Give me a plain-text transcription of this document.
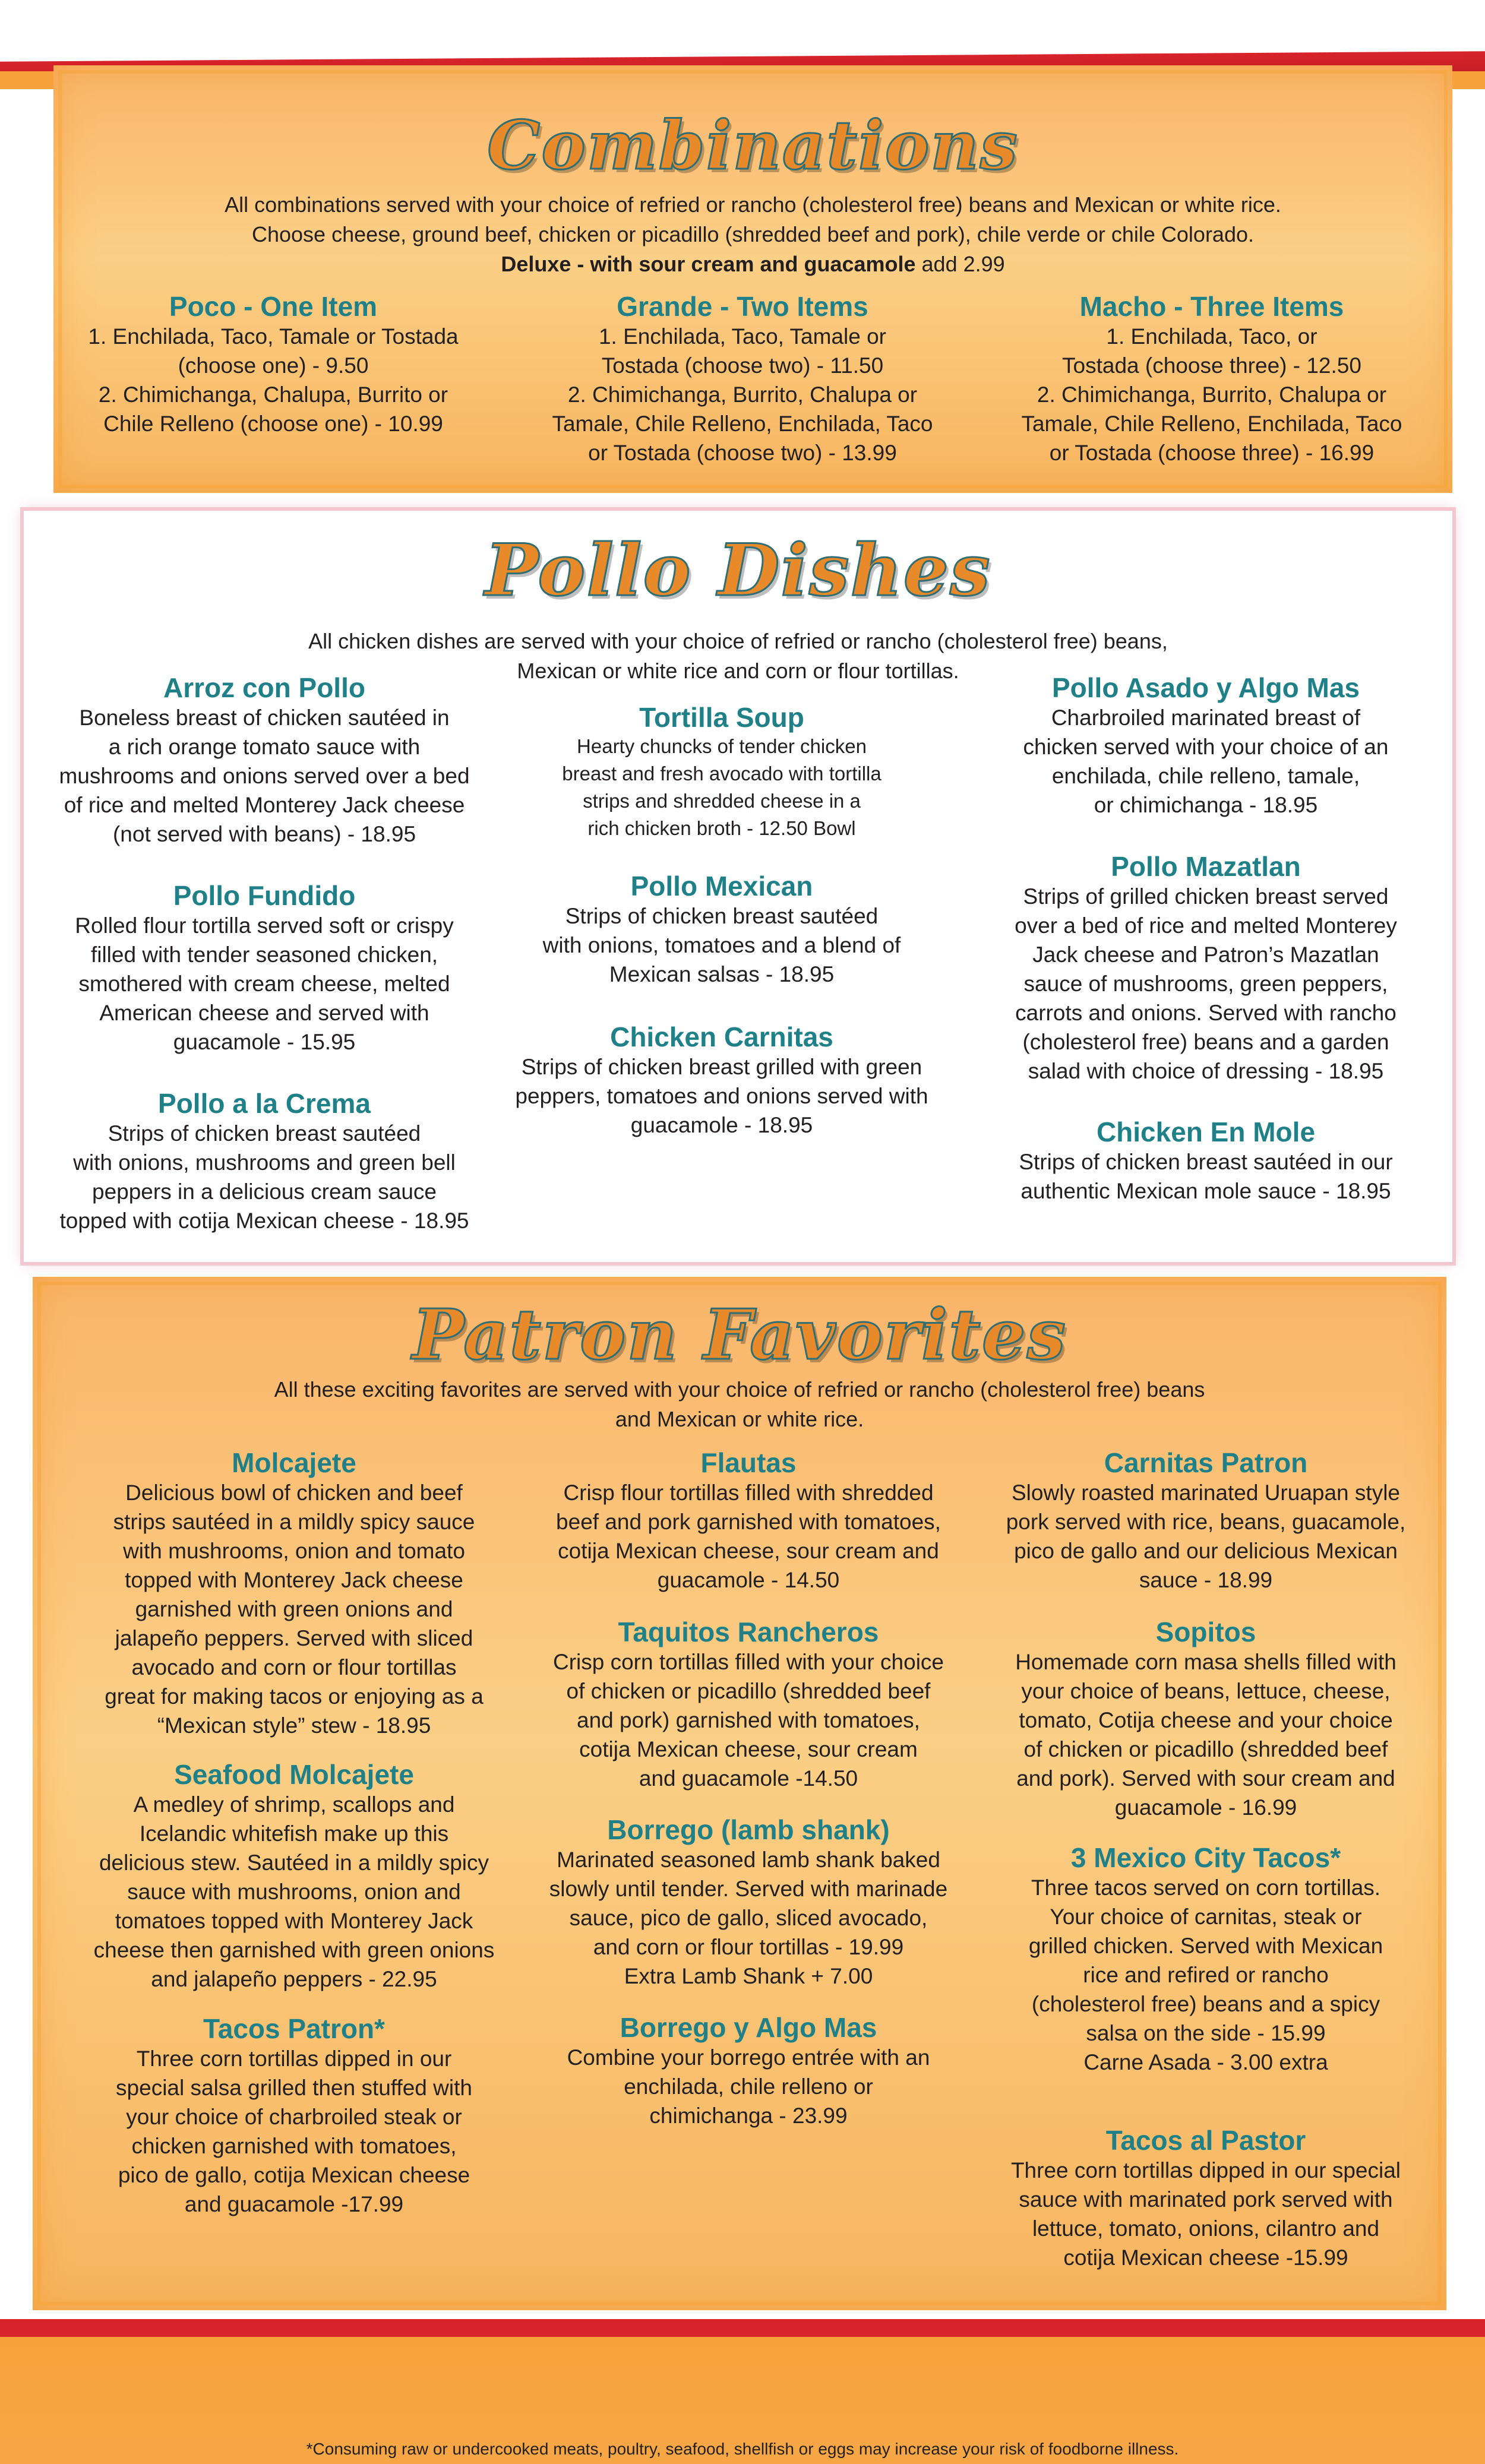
Combinations
All combinations served with your choice of refried or rancho (cholesterol free) beans and Mexican or white rice.
Choose cheese, ground beef, chicken or picadillo (shredded beef and pork), chile verde or chile Colorado.
Deluxe - with sour cream and guacamole add 2.99
Poco - One Item

1. Enchilada, Taco, Tamale or Tostada

(choose one) - 9.50

2. Chimichanga, Chalupa, Burrito or

Chile Relleno (choose one) - 10.99

Grande - Two Items

1. Enchilada, Taco, Tamale or

Tostada (choose two) - 11.50

2. Chimichanga, Burrito, Chalupa or

Tamale, Chile Relleno, Enchilada, Taco

or Tostada (choose two) - 13.99

Macho - Three Items

1. Enchilada, Taco, or

Tostada (choose three) - 12.50

2. Chimichanga, Burrito, Chalupa or

Tamale, Chile Relleno, Enchilada, Taco

or Tostada (choose three) - 16.99

Pollo Dishes
All chicken dishes are served with your choice of refried or rancho (cholesterol free) beans,
Mexican or white rice and corn or flour tortillas.
Arroz con Pollo

Boneless breast of chicken sautéed in

a rich orange tomato sauce with

mushrooms and onions served over a bed

of rice and melted Monterey Jack cheese

(not served with beans) - 18.95

Pollo Fundido

Rolled flour tortilla served soft or crispy

filled with tender seasoned chicken,

smothered with cream cheese, melted

American cheese and served with

guacamole - 15.95

Pollo a la Crema

Strips of chicken breast sautéed

with onions, mushrooms and green bell

peppers in a delicious cream sauce

topped with cotija Mexican cheese - 18.95

Tortilla Soup

Hearty chuncks of tender chicken

breast and fresh avocado with tortilla

strips and shredded cheese in a

rich chicken broth - 12.50 Bowl

Pollo Mexican

Strips of chicken breast sautéed

with onions, tomatoes and a blend of

Mexican salsas - 18.95

Chicken Carnitas

Strips of chicken breast grilled with green

peppers, tomatoes and onions served with

guacamole - 18.95

Pollo Asado y Algo Mas

Charbroiled marinated breast of

chicken served with your choice of an

enchilada, chile relleno, tamale,

or chimichanga - 18.95

Pollo Mazatlan

Strips of grilled chicken breast served

over a bed of rice and melted Monterey

Jack cheese and Patron’s Mazatlan

sauce of mushrooms, green peppers,

carrots and onions. Served with rancho

(cholesterol free) beans and a garden

salad with choice of dressing - 18.95

Chicken En Mole

Strips of chicken breast sautéed in our

authentic Mexican mole sauce - 18.95

Patron Favorites
All these exciting favorites are served with your choice of refried or rancho (cholesterol free) beans
and Mexican or white rice.
Molcajete

Delicious bowl of chicken and beef

strips sautéed in a mildly spicy sauce

with mushrooms, onion and tomato

topped with Monterey Jack cheese

garnished with green onions and

jalapeño peppers. Served with sliced

avocado and corn or flour tortillas

great for making tacos or enjoying as a

“Mexican style” stew - 18.95

Seafood Molcajete

A medley of shrimp, scallops and

Icelandic whitefish make up this

delicious stew. Sautéed in a mildly spicy

sauce with mushrooms, onion and

tomatoes topped with Monterey Jack

cheese then garnished with green onions

and jalapeño peppers - 22.95

Tacos Patron*

Three corn tortillas dipped in our

special salsa grilled then stuffed with

your choice of charbroiled steak or

chicken garnished with tomatoes,

pico de gallo, cotija Mexican cheese

and guacamole -17.99

Flautas

Crisp flour tortillas filled with shredded

beef and pork garnished with tomatoes,

cotija Mexican cheese, sour cream and

guacamole - 14.50

Taquitos Rancheros

Crisp corn tortillas filled with your choice

of chicken or picadillo (shredded beef

and pork) garnished with tomatoes,

cotija Mexican cheese, sour cream

and guacamole -14.50

Borrego (lamb shank)

Marinated seasoned lamb shank baked

slowly until tender. Served with marinade

sauce, pico de gallo, sliced avocado,

and corn or flour tortillas - 19.99

Extra Lamb Shank + 7.00

Borrego y Algo Mas

Combine your borrego entrée with an

enchilada, chile relleno or

chimichanga - 23.99

Carnitas Patron

Slowly roasted marinated Uruapan style

pork served with rice, beans, guacamole,

pico de gallo and our delicious Mexican

sauce - 18.99

Sopitos

Homemade corn masa shells filled with

your choice of beans, lettuce, cheese,

tomato, Cotija cheese and your choice

of chicken or picadillo (shredded beef

and pork). Served with sour cream and

guacamole - 16.99

3 Mexico City Tacos*

Three tacos served on corn tortillas.

Your choice of carnitas, steak or

grilled chicken. Served with Mexican

rice and refired or rancho

(cholesterol free) beans and a spicy

salsa on the side - 15.99

Carne Asada - 3.00 extra

Tacos al Pastor

Three corn tortillas dipped in our special

sauce with marinated pork served with

lettuce, tomato, onions, cilantro and

cotija Mexican cheese -15.99

*Consuming raw or undercooked meats, poultry, seafood, shellfish or eggs may increase your risk of foodborne illness.
